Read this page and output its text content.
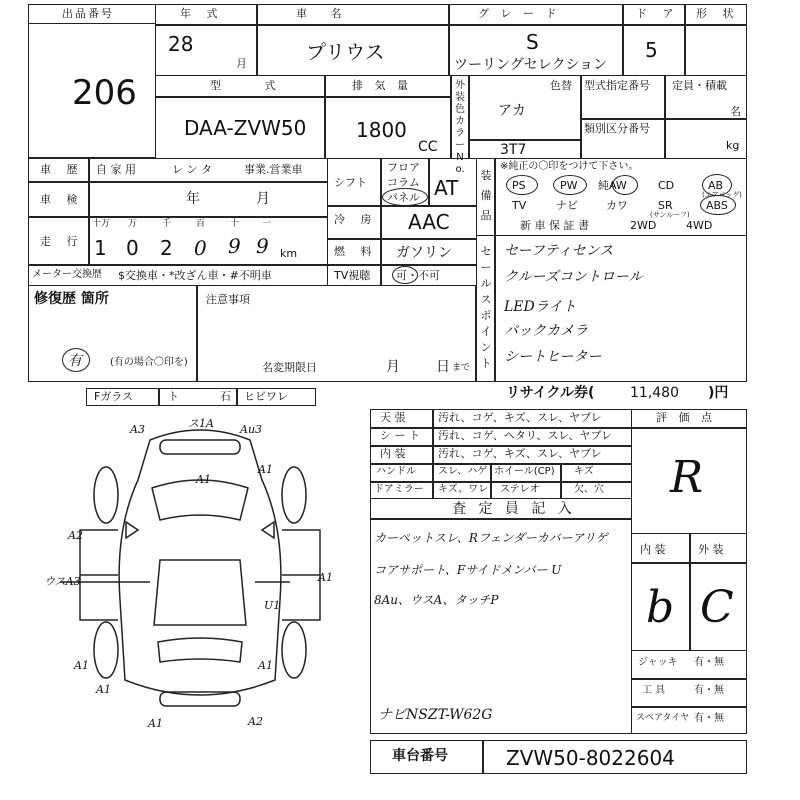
出品番号
206
年 式
28
月
車 名
プリウス
グ レ ー ド
S
ツーリングセレクション
ド ア
5
形 状
型 式
DAA-ZVW50
排 気 量
1800
CC
外装色カラーNo.
色替
アカ
3T7
型式指定番号
類別区分番号
定員・積載
名
kg
車 歴 自 家 用	レ ン タ	事業.営業車
車 検	年	月
走 行
十万 万	千	百	十	一
1 0 2 0 9 9 km
メーター交換歴 $交換車・*改ざん車・#不明車
修復歴 箇所
有	(有の場合〇印を)
注意事項
名変期限日	月	日 まで
シフト
フロア
コラム
パネル AT
冷 房 AAC
燃 料 ガソリン
TV視聴 可・不可
装備品
※純正の〇印をつけて下さい。
PS	PW 純AW	CD	AB
(エアバッグ)
TV	ナビ	カワ	SR	ABS
(サンルーフ)
新 車 保 証 書	2WD	4WD
セールスポイント
セーフティセンス
クルーズコントロール
LEDライト
バックカメラ
シートヒーター
リサイクル券(	11,480 )円
Fガラス	ト	石 ヒビワレ
A3	ス1A Au3
A1
A1
A1
A1
A1
A1
A2
ウスA3
U1
A1	A2
天 張	汚れ、コゲ、キズ、スレ、ヤブレ
シ ー ト 汚れ、コゲ、ヘタリ、スレ、ヤブレ
内 装	汚れ、コゲ、キズ、スレ、ヤブレ
ハンドル スレ、ハゲ ホイール(CP) キズ
ドアミラー キズ、ワレ ステレオ	欠、穴
査 定 員 記 入
カーペットスレ、Rフェンダーカバーアリゲ
コアサポート、Fサイドメンバー U
8Au、ウスA、タッチP
ナビNSZT-W62G
評 価 点
R
内 装	外 装
b C
ジャッキ 有・無
工 具	有・無
スペアタイヤ 有・無
車台番号	ZVW50-8022604
